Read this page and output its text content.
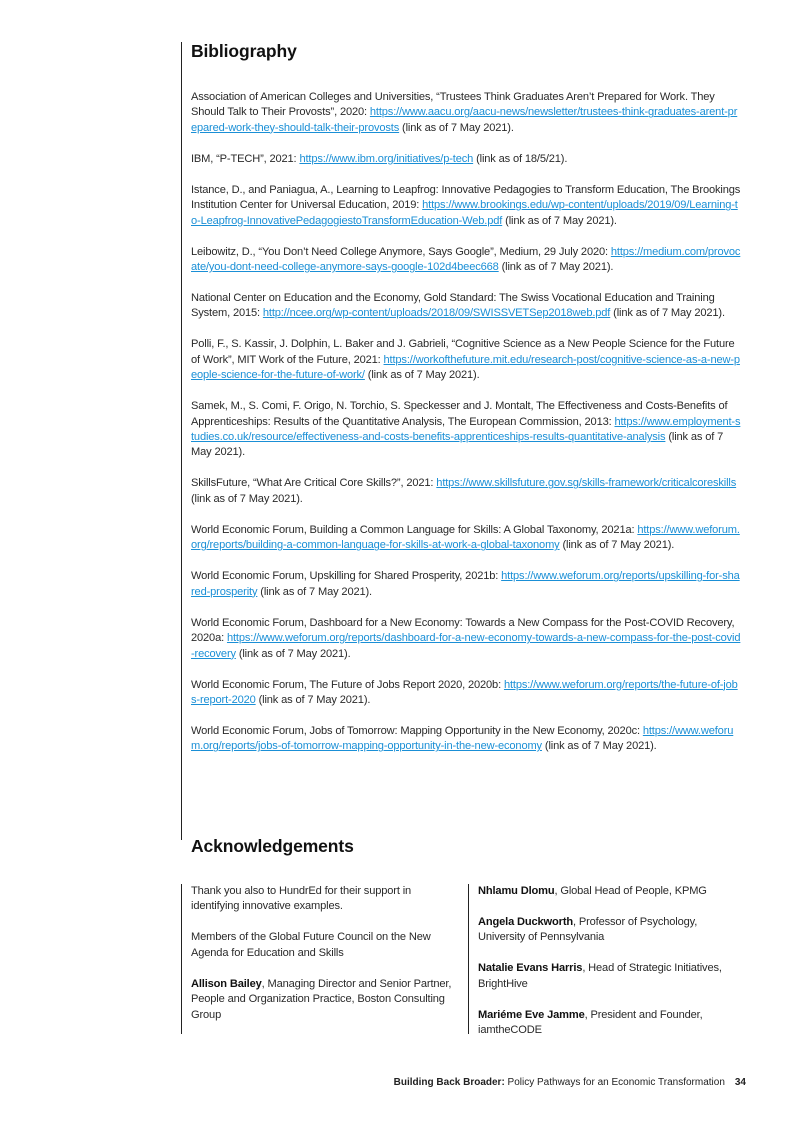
Bibliography

Association of American Colleges and Universities, “Trustees Think Graduates Aren’t Prepared for Work. They Should Talk to Their Provosts”, 2020: https://www.aacu.org/aacu-news/newsletter/trustees-think-graduates-arent-prepared-work-they-should-talk-their-provosts (link as of 7 May 2021).

IBM, “P-TECH”, 2021: https://www.ibm.org/initiatives/p-tech (link as of 18/5/21).

Istance, D., and Paniagua, A., Learning to Leapfrog: Innovative Pedagogies to Transform Education, The Brookings Institution Center for Universal Education, 2019: https://www.brookings.edu/wp-content/uploads/2019/09/Learning-to-Leapfrog-InnovativePedagogiestoTransformEducation-Web.pdf (link as of 7 May 2021).

Leibowitz, D., “You Don’t Need College Anymore, Says Google”, Medium, 29 July 2020: https://medium.com/provocate/you-dont-need-college-anymore-says-google-102d4beec668 (link as of 7 May 2021).

National Center on Education and the Economy, Gold Standard: The Swiss Vocational Education and Training System, 2015: http://ncee.org/wp-content/uploads/2018/09/SWISSVETSep2018web.pdf (link as of 7 May 2021).

Polli, F., S. Kassir, J. Dolphin, L. Baker and J. Gabrieli, “Cognitive Science as a New People Science for the Future of Work”, MIT Work of the Future, 2021: https://workofthefuture.mit.edu/research-post/cognitive-science-as-a-new-people-science-for-the-future-of-work/ (link as of 7 May 2021).

Samek, M., S. Comi, F. Origo, N. Torchio, S. Speckesser and J. Montalt, The Effectiveness and Costs-Benefits of Apprenticeships: Results of the Quantitative Analysis, The European Commission, 2013: https://www.employment-studies.co.uk/resource/effectiveness-and-costs-benefits-apprenticeships-results-quantitative-analysis (link as of 7 May 2021).

SkillsFuture, “What Are Critical Core Skills?”, 2021: https://www.skillsfuture.gov.sg/skills-framework/criticalcoreskills (link as of 7 May 2021).

World Economic Forum, Building a Common Language for Skills: A Global Taxonomy, 2021a: https://www.weforum.org/reports/building-a-common-language-for-skills-at-work-a-global-taxonomy (link as of 7 May 2021).

World Economic Forum, Upskilling for Shared Prosperity, 2021b: https://www.weforum.org/reports/upskilling-for-shared-prosperity (link as of 7 May 2021).

World Economic Forum, Dashboard for a New Economy: Towards a New Compass for the Post-COVID Recovery, 2020a: https://www.weforum.org/reports/dashboard-for-a-new-economy-towards-a-new-compass-for-the-post-covid-recovery (link as of 7 May 2021).

World Economic Forum, The Future of Jobs Report 2020, 2020b: https://www.weforum.org/reports/the-future-of-jobs-report-2020 (link as of 7 May 2021).

World Economic Forum, Jobs of Tomorrow: Mapping Opportunity in the New Economy, 2020c: https://www.weforum.org/reports/jobs-of-tomorrow-mapping-opportunity-in-the-new-economy (link as of 7 May 2021).

Acknowledgements

Thank you also to HundrEd for their support in identifying innovative examples.

Members of the Global Future Council on the New Agenda for Education and Skills

Allison Bailey, Managing Director and Senior Partner, People and Organization Practice, Boston Consulting Group

Nhlamu Dlomu, Global Head of People, KPMG

Angela Duckworth, Professor of Psychology, University of Pennsylvania

Natalie Evans Harris, Head of Strategic Initiatives, BrightHive

Mariéme Eve Jamme, President and Founder, iamtheCODE

Building Back Broader: Policy Pathways for an Economic Transformation 34
